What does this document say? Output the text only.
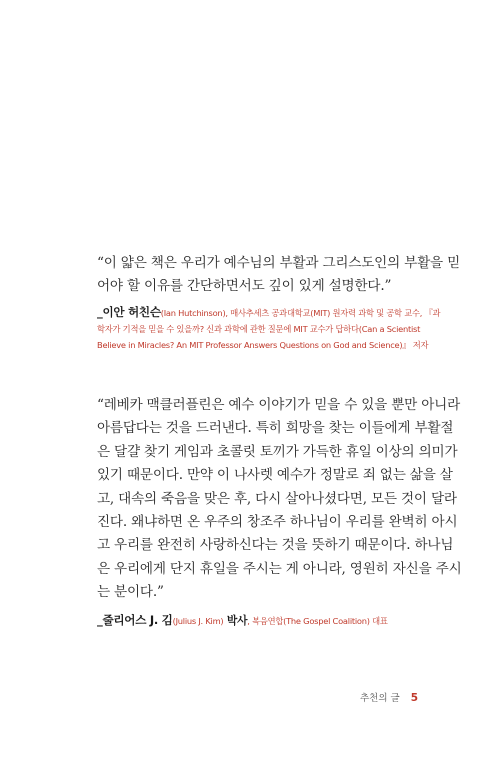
“이 얇은 책은 우리가 예수님의 부활과 그리스도인의 부활을 믿
어야 할 이유를 간단하면서도 깊이 있게 설명한다.”
_이안 허친슨(Ian Hutchinson), 매사추세츠 공과대학교(MIT) 원자력 과학 및 공학 교수, 『과
학자가 기적을 믿을 수 있을까? 신과 과학에 관한 질문에 MIT 교수가 답하다(Can a Scientist
Believe in Miracles? An MIT Professor Answers Questions on God and Science)』 저자
“레베카 맥클러플린은 예수 이야기가 믿을 수 있을 뿐만 아니라
아름답다는 것을 드러낸다. 특히 희망을 찾는 이들에게 부활절
은 달걀 찾기 게임과 초콜릿 토끼가 가득한 휴일 이상의 의미가
있기 때문이다. 만약 이 나사렛 예수가 정말로 죄 없는 삶을 살
고, 대속의 죽음을 맞은 후, 다시 살아나셨다면, 모든 것이 달라
진다. 왜냐하면 온 우주의 창조주 하나님이 우리를 완벽히 아시
고 우리를 완전히 사랑하신다는 것을 뜻하기 때문이다. 하나님
은 우리에게 단지 휴일을 주시는 게 아니라, 영원히 자신을 주시
는 분이다.”
_줄리어스 J. 김(Julius J. Kim) 박사, 복음연합(The Gospel Coalition) 대표
추천의 글 5
